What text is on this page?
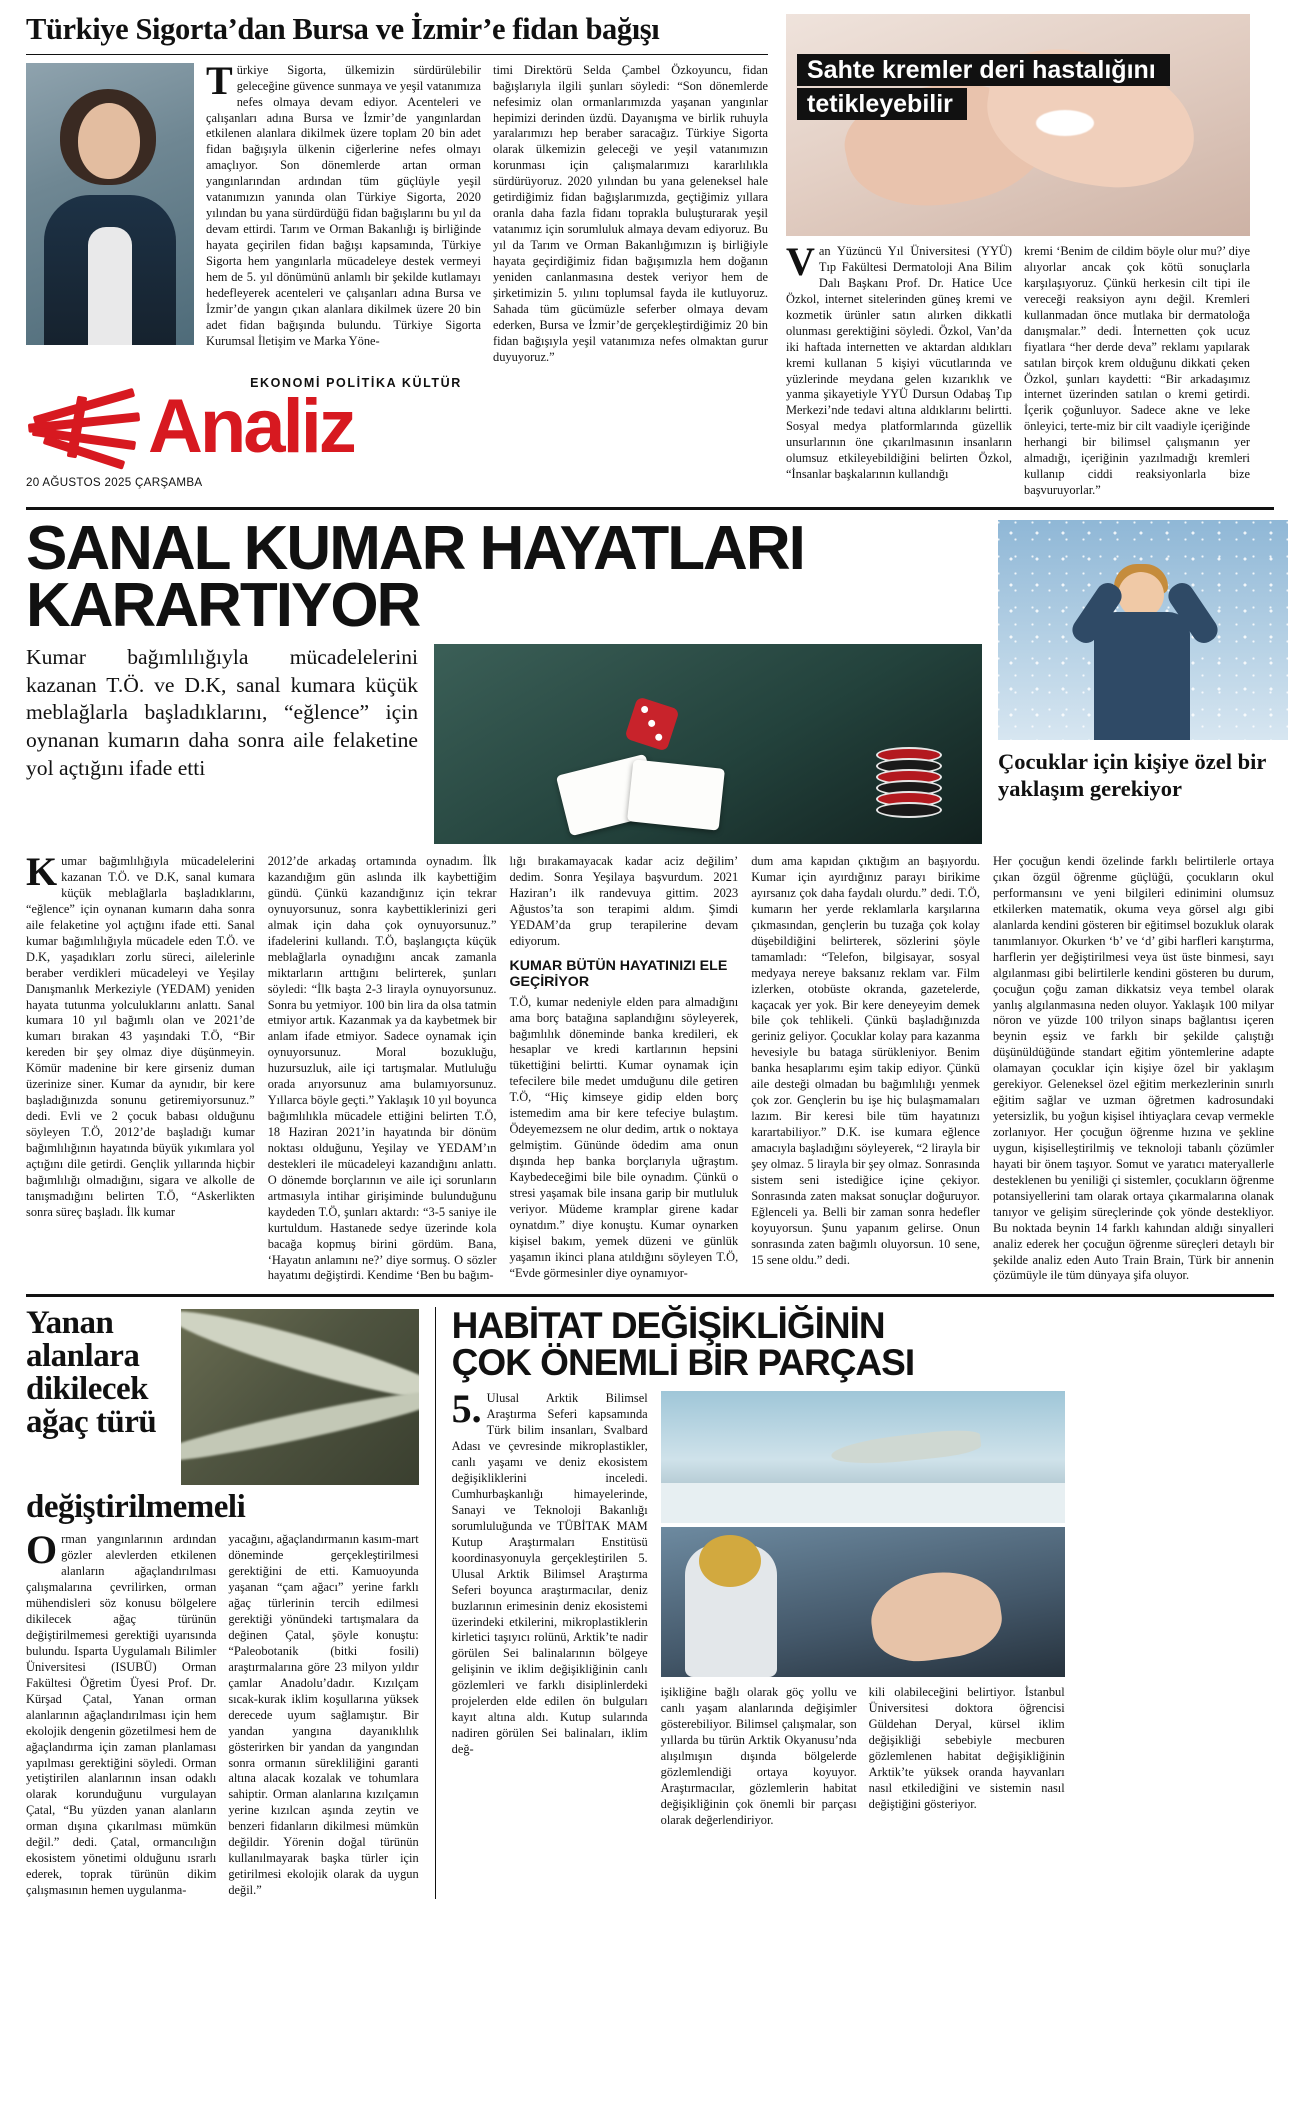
Türkiye Sigorta’dan Bursa ve İzmir’e fidan bağışı
Türkiye Sigorta, ülkemizin sürdürülebilir geleceğine güvence sunmaya ve yeşil vatanımıza nefes olmaya devam ediyor. Acenteleri ve çalışanları adına Bursa ve İzmir’de yangınlardan etkilenen alanlara dikilmek üzere toplam 20 bin adet fidan bağışıyla ülkenin ciğerlerine nefes olmayı amaçlıyor. Son dönemlerde artan orman yangınlarından ardından tüm güçlüyle yeşil vatanımızın yanında olan Türkiye Sigorta, 2020 yılından bu yana sürdürdüğü fidan bağışlarını bu yıl da devam ettirdi. Tarım ve Orman Bakanlığı iş birliğinde hayata geçirilen fidan bağışı kapsamında, Türkiye Sigorta hem yangınlarla mücadeleye destek vermeyi hem de 5. yıl dönümünü anlamlı bir şekilde kutlamayı hedefleyerek acenteleri ve çalışanları adına Bursa ve İzmir’de yangın çıkan alanlara dikilmek üzere 20 bin adet fidan bağışında bulundu. Türkiye Sigorta Kurumsal İletişim ve Marka Yöne-
timi Direktörü Selda Çambel Özkoyuncu, fidan bağışlarıyla ilgili şunları söyledi: “Son dönemlerde nefesimiz olan ormanlarımızda yaşanan yangınlar hepimizi derinden üzdü. Dayanışma ve birlik ruhuyla yaralarımızı hep beraber saracağız. Türkiye Sigorta olarak ülkemizin geleceği ve yeşil vatanımızın korunması için çalışmalarımızı kararlılıkla sürdürüyoruz. 2020 yılından bu yana geleneksel hale getirdiğimiz fidan bağışlarımızda, geçtiğimiz yıllara oranla daha fazla fidanı toprakla buluşturarak yeşil vatanımız için sorumluluk almaya devam ediyoruz. Bu yıl da Tarım ve Orman Bakanlığımızın iş birliğiyle hayata geçirdiğimiz fidan bağışımızla hem doğanın yeniden canlanmasına destek veriyor hem de şirketimizin 5. yılını toplumsal fayda ile kutluyoruz. Sahada tüm gücümüzle seferber olmaya devam ederken, Bursa ve İzmir’de gerçekleştirdiğimiz 20 bin fidan bağışıyla yeşil vatanımıza nefes olmaktan gurur duyuyoruz.”
EKONOMİ POLİTİKA KÜLTÜR
Analiz
20 AĞUSTOS 2025 ÇARŞAMBA
Sahte kremler deri hastalığını tetikleyebilir
Van Yüzüncü Yıl Üniversitesi (YYÜ) Tıp Fakültesi Dermatoloji Ana Bilim Dalı Başkanı Prof. Dr. Hatice Uce Özkol, internet sitelerinden güneş kremi ve kozmetik ürünler satın alırken dikkatli olunması gerektiğini söyledi. Özkol, Van’da iki haftada internetten ve aktardan aldıkları kremi kullanan 5 kişiyi vücutlarında ve yüzlerinde meydana gelen kızarıklık ve yanma şikayetiyle YYÜ Dursun Odabaş Tıp Merkezi’nde tedavi altına aldıklarını belirtti. Sosyal medya platformlarında güzellik unsurlarının öne çıkarılmasının insanların olumsuz etkileyebildiğini belirten Özkol, “İnsanlar başkalarının kullandığı
kremi ‘Benim de cildim böyle olur mu?’ diye alıyorlar ancak çok kötü sonuçlarla karşılaşıyoruz. Çünkü herkesin cilt tipi ile vereceği reaksiyon aynı değil. Kremleri kullanmadan önce mutlaka bir dermatoloğa danışmalar.” dedi. İnternetten çok ucuz fiyatlara “her derde deva” reklamı yapılarak satılan birçok krem olduğunu dikkati çeken Özkol, şunları kaydetti: “Bir arkadaşımız internet üzerinden satılan o kremi getirdi. İçerik çoğunluyor. Sadece akne ve leke önleyici, terte-miz bir cilt vaadiyle içeriğinde herhangi bir bilimsel çalışmanın yer almadığı, içeriğinin yazılmadığı kremleri kullanıp ciddi reaksiyonlarla bize başvuruyorlar.”
SANAL KUMAR HAYATLARI
KARARTIYOR
Kumar bağımlılığıyla mücadelelerini kazanan T.Ö. ve D.K, sanal kumara küçük meblağlarla başladıklarını, “eğlence” için oynanan kumarın daha sonra aile felaketine yol açtığını ifade etti	Çocuklar için kişiye özel bir yaklaşım gerekiyor
Kumar bağımlılığıyla mücadelelerini kazanan T.Ö. ve D.K, sanal kumara küçük meblağlarla başladıklarını, “eğlence” için oynanan kumarın daha sonra aile felaketine yol açtığını ifade etti. Sanal kumar bağımlılığıyla mücadele eden T.Ö. ve D.K, yaşadıkları zorlu süreci, ailelerinle beraber verdikleri mücadeleyi ve Yeşilay Danışmanlık Merkeziyle (YEDAM) yeniden hayata tutunma yolculuklarını anlattı. Sanal kumara 10 yıl bağımlı olan ve 2021’de kumarı bırakan 43 yaşındaki T.Ö, “Bir kereden bir şey olmaz diye düşünmeyin. Kömür madenine bir kere girseniz duman üzerinize siner. Kumar da aynıdır, bir kere başladığınızda sonunu getiremiyorsunuz.” dedi. Evli ve 2 çocuk babası olduğunu söyleyen T.Ö, 2012’de başladığı kumar bağımlılığının hayatında büyük yıkımlara yol açtığını dile getirdi. Gençlik yıllarında hiçbir bağımlılığı olmadığını, sigara ve alkolle de tanışmadığını belirten T.Ö, “Askerlikten sonra süreç başladı. İlk kumar
2012’de arkadaş ortamında oynadım. İlk kazandığım gün aslında ilk kaybettiğim gündü. Çünkü kazandığınız için tekrar oynuyorsunuz, sonra kaybettiklerinizi geri almak için daha çok oynuyorsunuz.” ifadelerini kullandı. T.Ö, başlangıçta küçük meblağlarla oynadığını ancak zamanla miktarların arttığını belirterek, şunları söyledi: “İlk başta 2-3 lirayla oynuyorsunuz. Sonra bu yetmiyor. 100 bin lira da olsa tatmin etmiyor artık. Kazanmak ya da kaybetmek bir anlam ifade etmiyor. Sadece oynamak için oynuyorsunuz. Moral bozukluğu, huzursuzluk, aile içi tartışmalar. Mutluluğu orada arıyorsunuz ama bulamıyorsunuz. Yıllarca böyle geçti.” Yaklaşık 10 yıl boyunca bağımlılıkla mücadele ettiğini belirten T.Ö, 18 Haziran 2021’in hayatında bir dönüm noktası olduğunu, Yeşilay ve YEDAM’ın destekleri ile mücadeleyi kazandığını anlattı. O dönemde borçlarının ve aile içi sorunların artmasıyla intihar girişiminde bulunduğunu kaydeden T.Ö, şunları aktardı: “3-5 saniye ile kurtuldum. Hastanede sedye üzerinde kola bacağa kopmuş birini gördüm. Bana, ‘Hayatın anlamını ne?’ diye sormuş. O sözler hayatımı değiştirdi. Kendime ‘Ben bu bağım-
lığı bırakamayacak kadar aciz değilim’ dedim. Sonra Yeşilaya başvurdum. 2021 Haziran’ı ilk randevuya gittim. 2023 Ağustos’ta son terapimi aldım. Şimdi YEDAM’da grup terapilerine devam ediyorum.
KUMAR BÜTÜN HAYATINIZI ELE GEÇİRİYOR
T.Ö, kumar nedeniyle elden para almadığını ama borç batağına saplandığını söyleyerek, bağımlılık döneminde banka kredileri, ek hesaplar ve kredi kartlarının hepsini tükettiğini belirtti. Kumar oynamak için tefecilere bile medet umduğunu dile getiren T.Ö, “Hiç kimseye gidip elden borç istemedim ama bir kere tefeciye bulaştım. Ödeyemezsem ne olur dedim, artık o noktaya gelmiştim. Gününde ödedim ama onun dışında hep banka borçlarıyla uğraştım. Kaybedeceğimi bile bile oynadım. Çünkü o stresi yaşamak bile insana garip bir mutluluk veriyor. Müdeme kramplar girene kadar oynatdım.” diye konuştu. Kumar oynarken kişisel bakım, yemek düzeni ve günlük yaşamın ikinci plana atıldığını söyleyen T.Ö, “Evde görmesinler diye oynamıyor-
dum ama kapıdan çıktığım an başıyordu. Kumar için ayırdığınız parayı birikime ayırsanız çok daha faydalı olurdu.” dedi. T.Ö, kumarın her yerde reklamlarla karşılarına çıkmasından, gençlerin bu tuzağa çok kolay düşebildiğini belirterek, sözlerini şöyle tamamladı: “Telefon, bilgisayar, sosyal medyaya nereye baksanız reklam var. Film izlerken, otobüste okranda, gazetelerde, kaçacak yer yok. Bir kere deneyeyim demek bile çok tehlikeli. Çünkü başladığınızda geriniz geliyor. Çocuklar kolay para kazanma hevesiyle bu bataga sürükleniyor. Benim banka hesaplarımı eşim takip ediyor. Çünkü aile desteği olmadan bu bağımlılığı yenmek çok zor. Gençlerin bu işe hiç bulaşmamaları lazım. Bir keresi bile tüm hayatınızı karartabiliyor.” D.K. ise kumara eğlence amacıyla başladığını söyleyerek, “2 lirayla bir şey olmaz. 5 lirayla bir şey olmaz. Sonrasında sistem seni istediğice içine çekiyor. Sonrasında zaten maksat sonuçlar doğuruyor. Eğlenceli ya. Belli bir zaman sonra hedefler koyuyorsun. Şunu yapanım gelirse. Onun sonrasında zaten bağımlı oluyorsun. 10 sene, 15 sene oldu.” dedi.
Her çocuğun kendi özelinde farklı belirtilerle ortaya çıkan özgül öğrenme güçlüğü, çocukların okul performansını ve yeni bilgileri edinimini olumsuz etkilerken matematik, okuma veya görsel algı gibi alanlarda kendini gösteren bir eğitimsel bozukluk olarak tanımlanıyor. Okurken ‘b’ ve ‘d’ gibi harfleri karıştırma, harflerin yer değiştirilmesi veya üst üste binmesi, sayı algılanması gibi belirtilerle kendini gösteren bu durum, çocuğun çoğu zaman dikkatsiz veya tembel olarak yanlış algılanmasına neden oluyor. Yaklaşık 100 milyar nöron ve yüzde 100 trilyon sinaps bağlantısı içeren beynin eşsiz ve farklı bir şekilde çalıştığı düşünüldüğünde standart eğitim yöntemlerine adapte olamayan çocuklar için kişiye özel bir yaklaşım gerekiyor. Geleneksel özel eğitim merkezlerinin sınırlı eğitim sağlar ve uzman öğretmen kadrosundaki yetersizlik, bu yoğun kişisel ihtiyaçlara cevap vermekle zorlanıyor. Her çocuğun öğrenme hızına ve şekline uygun, kişiselleştirilmiş ve teknoloji tabanlı çözümler hayati bir önem taşıyor. Somut ve yaratıcı materyallerle desteklenen bu yeniliği çi sistemler, çocukların öğrenme potansiyellerini tam olarak ortaya çıkarmalarına olanak tanıyor ve gelişim süreçlerinde çok yönde destekliyor. Bu noktada beynin 14 farklı kahından aldığı sinyalleri analiz ederek her çocuğun öğrenme süreçleri detaylı bir şekilde analiz eden Auto Train Brain, Türk bir annenin çözümüyle ile tüm dünyaya şifa oluyor.
Yanan alanlara dikilecek ağaç türü değiştirilmemeli
Orman yangınlarının ardından gözler alevlerden etkilenen alanların ağaçlandırılması çalışmalarına çevrilirken, orman mühendisleri söz konusu bölgelere dikilecek ağaç türünün değiştirilmemesi gerektiği uyarısında bulundu. Isparta Uygulamalı Bilimler Üniversitesi (ISUBÜ) Orman Fakültesi Öğretim Üyesi Prof. Dr. Kürşad Çatal, Yanan orman alanlarının ağaçlandırılması için hem ekolojik dengenin gözetilmesi hem de ağaçlandırma için zaman planlaması yapılması gerektiğini söyledi. Orman yetiştirilen alanlarının insan odaklı olarak korunduğunu vurgulayan Çatal, “Bu yüzden yanan alanların orman dışına çıkarılması mümkün değil.” dedi. Çatal, ormancılığın ekosistem yönetimi olduğunu ısrarlı ederek, toprak türünün dikim çalışmasının hemen uygulanma-
yacağını, ağaçlandırmanın kasım-mart döneminde gerçekleştirilmesi gerektiğini de etti. Kamuoyunda yaşanan “çam ağacı” yerine farklı ağaç türlerinin tercih edilmesi gerektiği yönündeki tartışmalara da değinen Çatal, şöyle konuştu: “Paleobotanik (bitki fosili) araştırmalarına göre 23 milyon yıldır çamlar Anadolu’dadır. Kızılçam sıcak-kurak iklim koşullarına yüksek derecede uyum sağlamıştır. Bir yandan yangına dayanıklılık gösterirken bir yandan da yangından sonra ormanın sürekliliğini garanti altına alacak kozalak ve tohumlara sahiptir. Orman alanlarına kızılçamın yerine kızılcan aşında zeytin ve benzeri fidanların dikilmesi mümkün değildir. Yörenin doğal türünün kullanılmayarak başka türler için getirilmesi ekolojik olarak da uygun değil.”
HABİTAT DEĞİŞİKLİĞİNİN
ÇOK ÖNEMLİ BİR PARÇASI
5.Ulusal Arktik Bilimsel Araştırma Seferi kapsamında Türk bilim insanları, Svalbard Adası ve çevresinde mikroplastikler, canlı yaşamı ve deniz ekosistem değişikliklerini inceledi. Cumhurbaşkanlığı himayelerinde, Sanayi ve Teknoloji Bakanlığı sorumluluğunda ve TÜBİTAK MAM Kutup Araştırmaları Enstitüsü koordinasyonuyla gerçekleştirilen 5. Ulusal Arktik Bilimsel Araştırma Seferi boyunca araştırmacılar, deniz buzlarının erimesinin deniz ekosistemi üzerindeki etkilerini, mikroplastiklerin kirletici taşıyıcı rolünü, Arktik’te nadir görülen Sei balinalarının bölgeye gelişinin ve iklim değişikliğinin canlı gözlemleri ve farklı disiplinlerdeki projelerden elde edilen ön bulguları kayıt altına aldı. Kutup sularında nadiren görülen Sei balinaları, iklim değ-
işikliğine bağlı olarak göç yollu ve canlı yaşam alanlarında değişimler gösterebiliyor. Bilimsel çalışmalar, son yıllarda bu türün Arktik Okyanusu’nda alışılmışın dışında bölgelerde gözlemlendiği ortaya koyuyor. Araştırmacılar, gözlemlerin habitat değişikliğinin çok önemli bir parçası olarak değerlendiriyor.
kili olabileceğini belirtiyor. İstanbul Üniversitesi doktora öğrencisi Güldehan Deryal, kürsel iklim değişikliği sebebiyle mecburen gözlemlenen habitat değişikliğinin Arktik’te yüksek oranda hayvanları nasıl etkilediğini ve sistemin nasıl değiştiğini gösteriyor.
